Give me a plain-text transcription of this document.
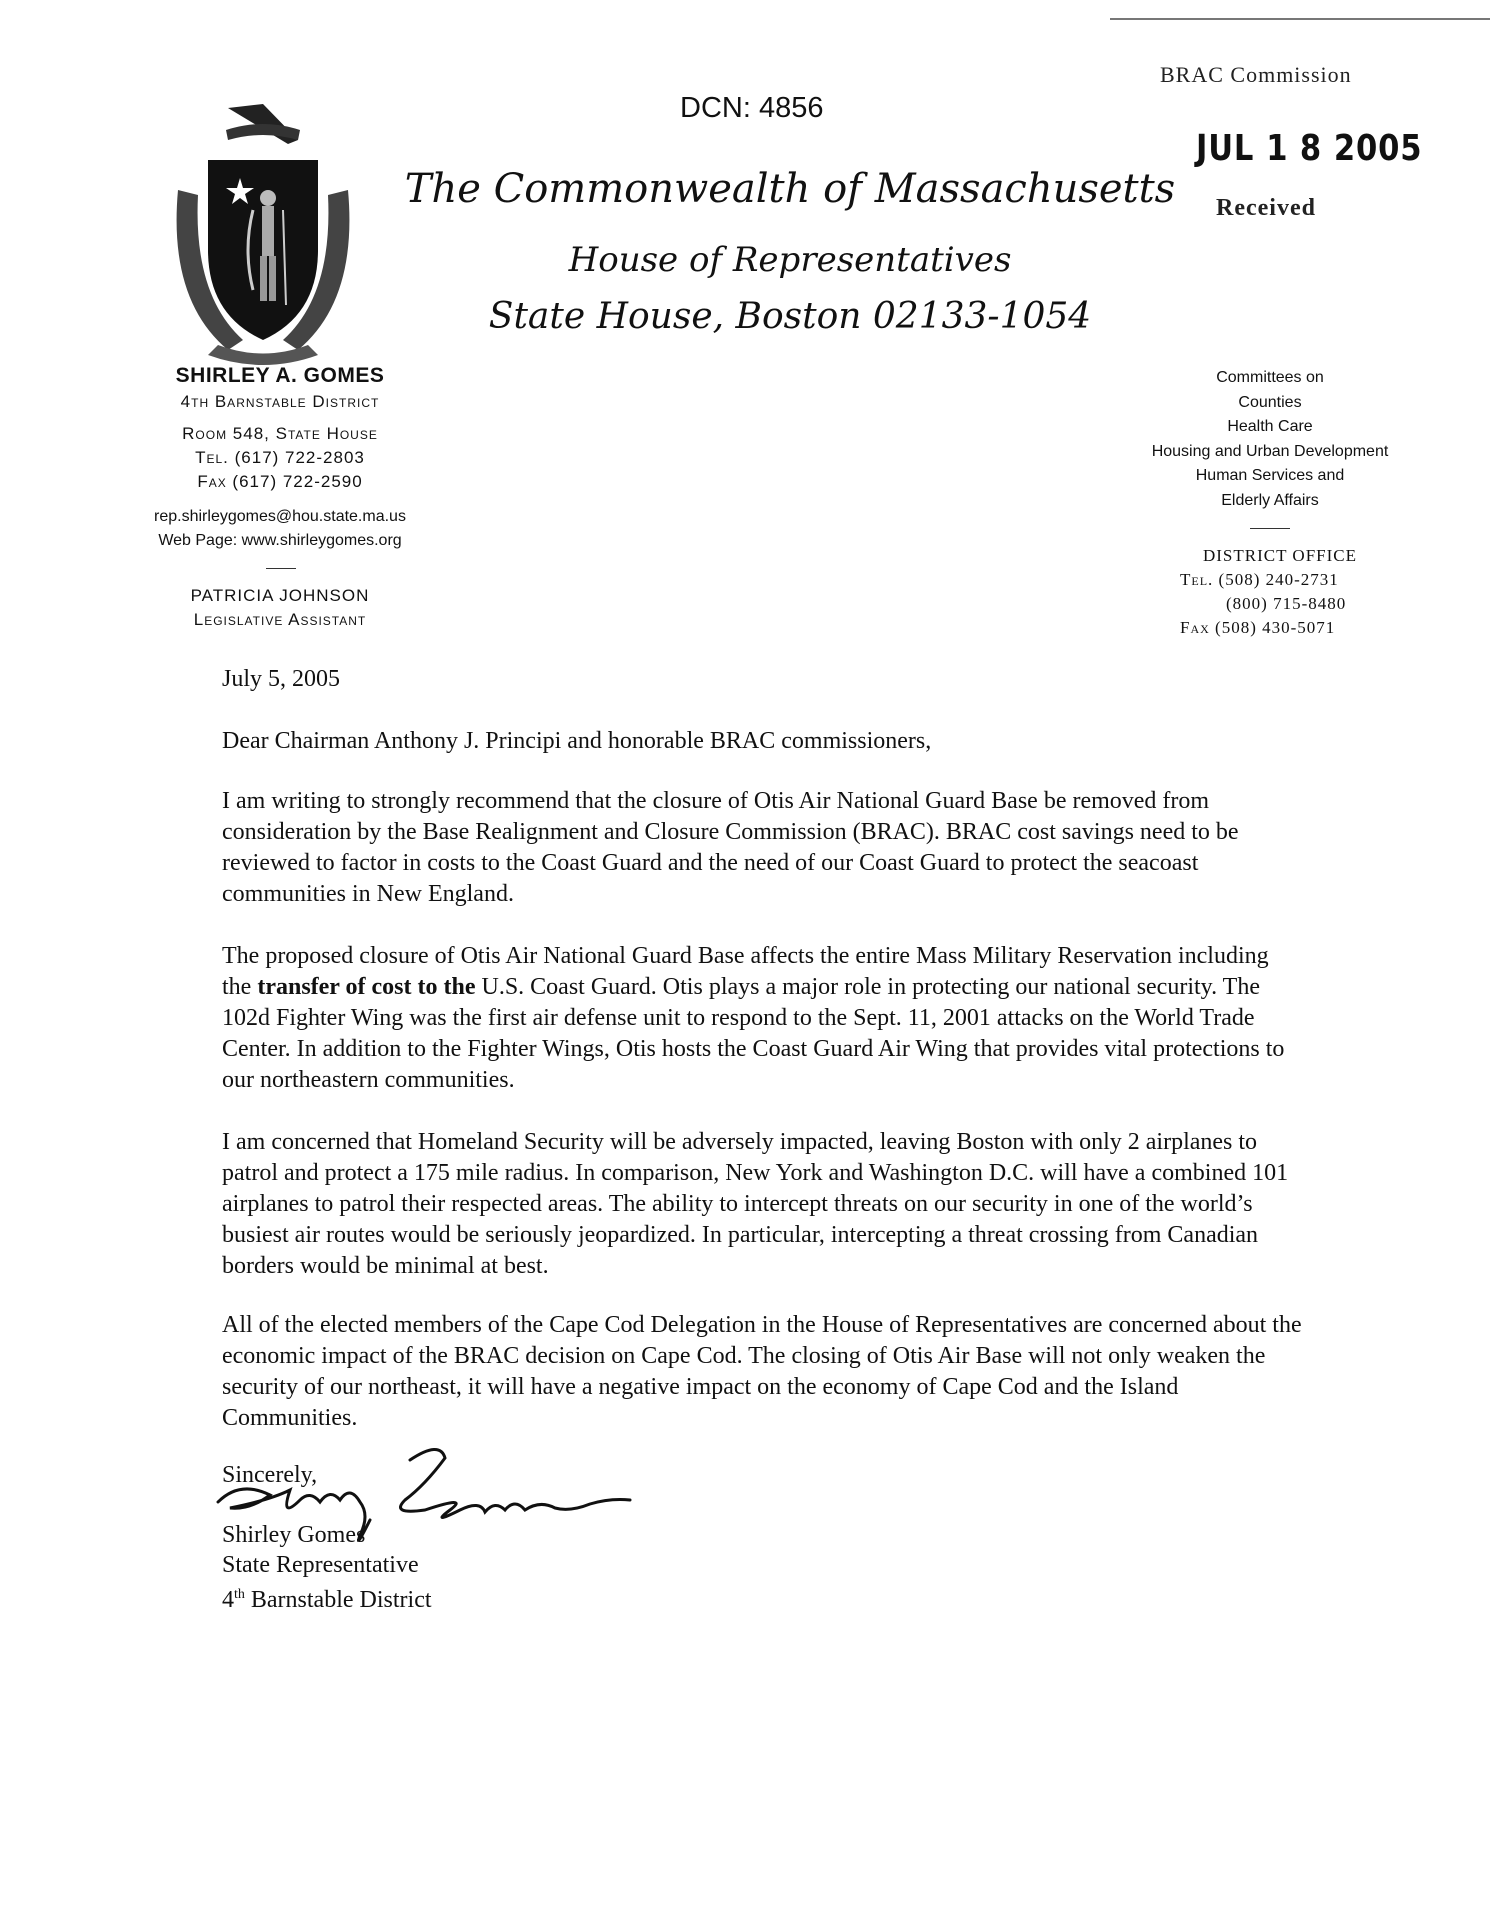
BRAC Commission
JUL 1 8 2005
Received
DCN: 4856
The Commonwealth of Massachusetts
House of Representatives
State House, Boston 02133-1054
SHIRLEY A. GOMES
4th Barnstable District
Room 548, State House
Tel. (617) 722-2803
Fax (617) 722-2590
rep.shirleygomes@hou.state.ma.us
Web Page: www.shirleygomes.org
PATRICIA JOHNSON
Legislative Assistant
Committees on
Counties
Health Care
Housing and Urban Development
Human Services and
Elderly Affairs
DISTRICT OFFICE
Tel. (508) 240-2731
(800) 715-8480
Fax (508) 430-5071
July 5, 2005
Dear Chairman Anthony J. Principi and honorable BRAC commissioners,
I am writing to strongly recommend that the closure of Otis Air National Guard Base be removed from consideration by the Base Realignment and Closure Commission (BRAC). BRAC cost savings need to be reviewed to factor in costs to the Coast Guard and the need of our Coast Guard to protect the seacoast communities in New England.
The proposed closure of Otis Air National Guard Base affects the entire Mass Military Reservation including the transfer of cost to the U.S. Coast Guard. Otis plays a major role in protecting our national security. The 102d Fighter Wing was the first air defense unit to respond to the Sept. 11, 2001 attacks on the World Trade Center. In addition to the Fighter Wings, Otis hosts the Coast Guard Air Wing that provides vital protections to our northeastern communities.
I am concerned that Homeland Security will be adversely impacted, leaving Boston with only 2 airplanes to patrol and protect a 175 mile radius. In comparison, New York and Washington D.C. will have a combined 101 airplanes to patrol their respected areas. The ability to intercept threats on our security in one of the world’s busiest air routes would be seriously jeopardized. In particular, intercepting a threat crossing from Canadian borders would be minimal at best.
All of the elected members of the Cape Cod Delegation in the House of Representatives are concerned about the economic impact of the BRAC decision on Cape Cod. The closing of Otis Air Base will not only weaken the security of our northeast, it will have a negative impact on the economy of Cape Cod and the Island Communities.
Sincerely,
Shirley Gomes
State Representative
4th Barnstable District
